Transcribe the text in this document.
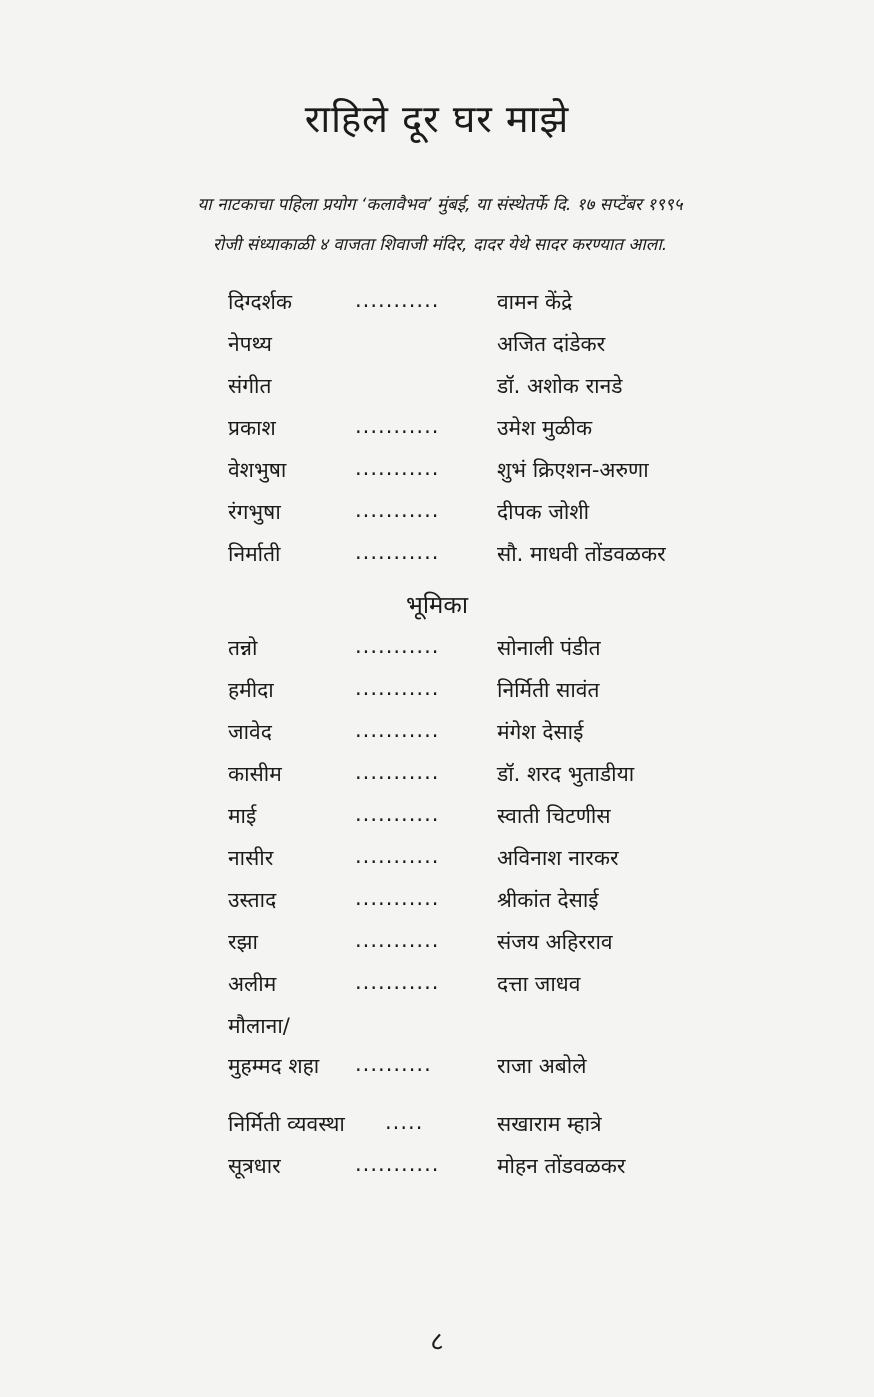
राहिले दूर घर माझे
या नाटकाचा पहिला प्रयोग ‘कलावैभव’ मुंबई, या संस्थेतर्फे दि. १७ सप्टेंबर १९९५
रोजी संध्याकाळी ४ वाजता शिवाजी मंदिर, दादर येथे सादर करण्यात आला.
दिग्दर्शक	...........	वामन केंद्रे
नेपथ्य	अजित दांडेकर
संगीत	डॉ. अशोक रानडे
प्रकाश	...........	उमेश मुळीक
वेशभुषा	...........	शुभं क्रिएशन-अरुणा
रंगभुषा	...........	दीपक जोशी
निर्माती	...........	सौ. माधवी तोंडवळकर
भूमिका
तन्नो	...........	सोनाली पंडीत
हमीदा	...........	निर्मिती सावंत
जावेद	...........	मंगेश देसाई
कासीम	...........	डॉ. शरद भुताडीया
माई	...........	स्वाती चिटणीस
नासीर	...........	अविनाश नारकर
उस्ताद	...........	श्रीकांत देसाई
रझा	...........	संजय अहिरराव
अलीम	...........	दत्ता जाधव
मौलाना/
मुहम्मद शहा ..........	राजा अबोले
निर्मिती व्यवस्था .....	सखाराम म्हात्रे
सूत्रधार	...........	मोहन तोंडवळकर
८
